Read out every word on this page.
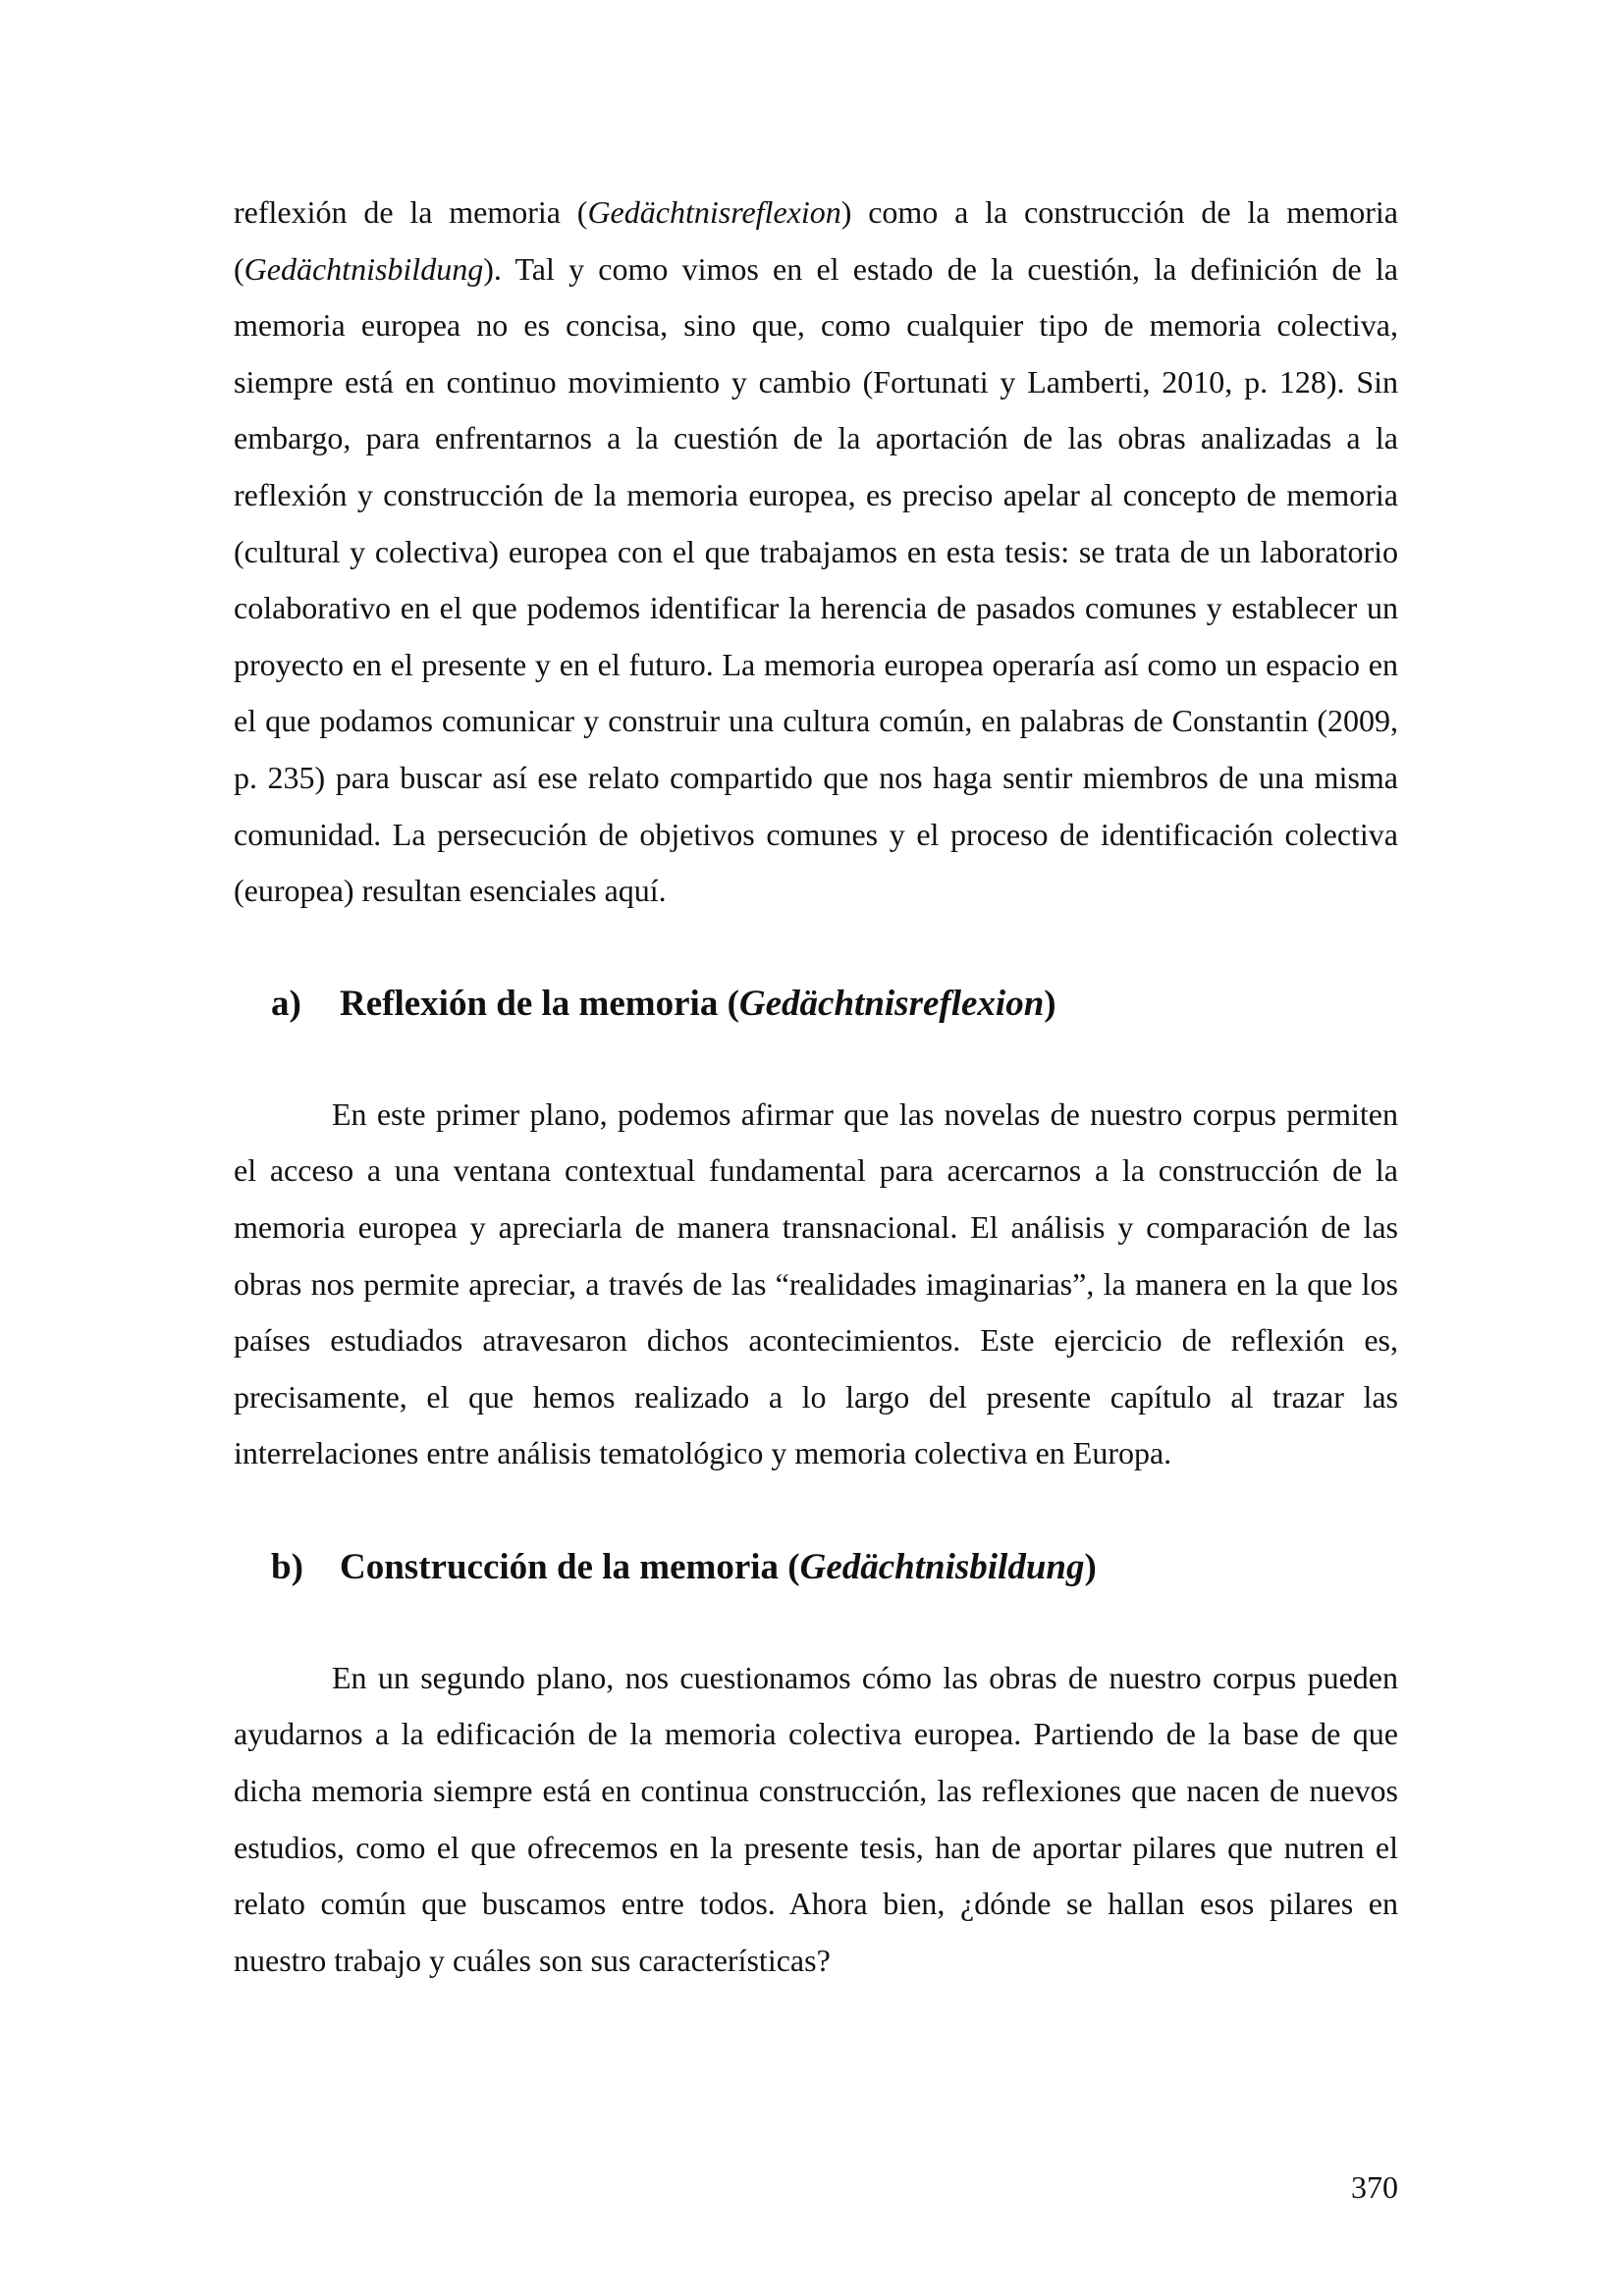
reflexión de la memoria (Gedächtnisreflexion) como a la construcción de la memoria (Gedächtnisbildung). Tal y como vimos en el estado de la cuestión, la definición de la memoria europea no es concisa, sino que, como cualquier tipo de memoria colectiva, siempre está en continuo movimiento y cambio (Fortunati y Lamberti, 2010, p. 128). Sin embargo, para enfrentarnos a la cuestión de la aportación de las obras analizadas a la reflexión y construcción de la memoria europea, es preciso apelar al concepto de memoria (cultural y colectiva) europea con el que trabajamos en esta tesis: se trata de un laboratorio colaborativo en el que podemos identificar la herencia de pasados comunes y establecer un proyecto en el presente y en el futuro. La memoria europea operaría así como un espacio en el que podamos comunicar y construir una cultura común, en palabras de Constantin (2009, p. 235) para buscar así ese relato compartido que nos haga sentir miembros de una misma comunidad. La persecución de objetivos comunes y el proceso de identificación colectiva (europea) resultan esenciales aquí.

a)	Reflexión de la memoria (Gedächtnisreflexion)

En este primer plano, podemos afirmar que las novelas de nuestro corpus permiten el acceso a una ventana contextual fundamental para acercarnos a la construcción de la memoria europea y apreciarla de manera transnacional. El análisis y comparación de las obras nos permite apreciar, a través de las “realidades imaginarias”, la manera en la que los países estudiados atravesaron dichos acontecimientos. Este ejercicio de reflexión es, precisamente, el que hemos realizado a lo largo del presente capítulo al trazar las interrelaciones entre análisis tematológico y memoria colectiva en Europa.

b)	Construcción de la memoria (Gedächtnisbildung)

En un segundo plano, nos cuestionamos cómo las obras de nuestro corpus pueden ayudarnos a la edificación de la memoria colectiva europea. Partiendo de la base de que dicha memoria siempre está en continua construcción, las reflexiones que nacen de nuevos estudios, como el que ofrecemos en la presente tesis, han de aportar pilares que nutren el relato común que buscamos entre todos. Ahora bien, ¿dónde se hallan esos pilares en nuestro trabajo y cuáles son sus características?

370
